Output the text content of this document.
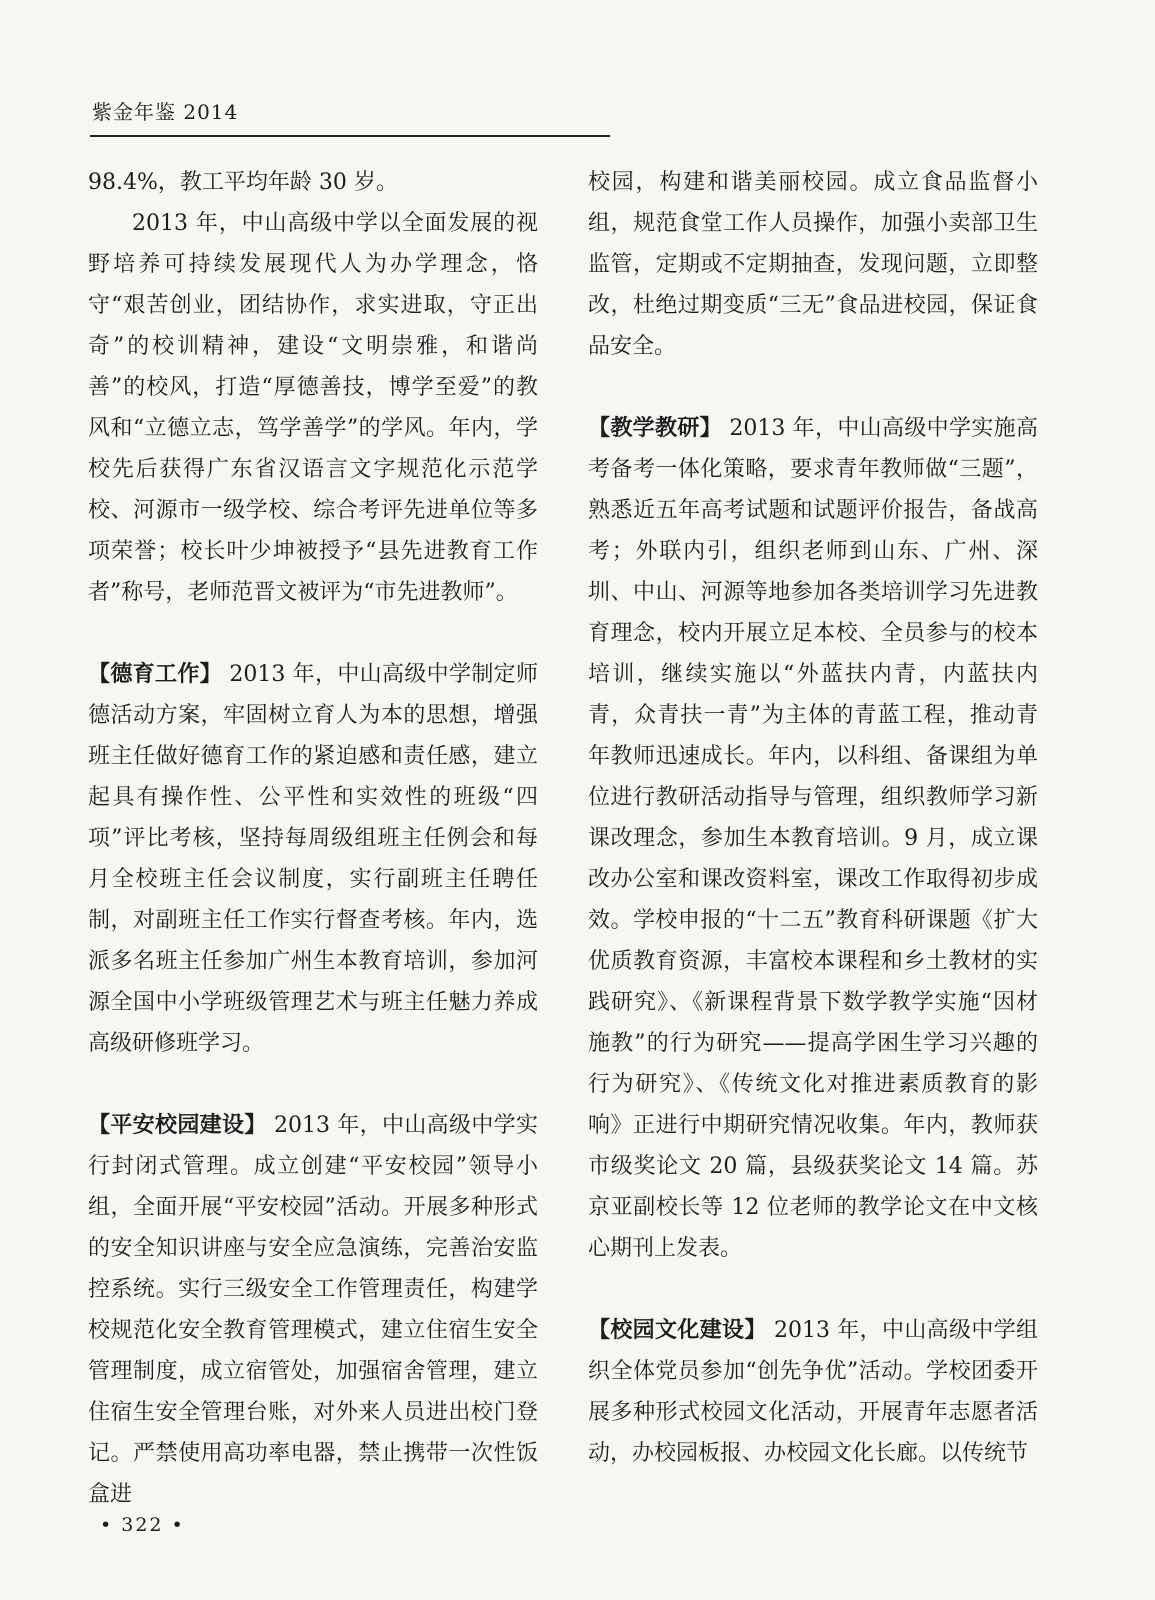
紫金年鉴 2014

98.4%，教工平均年龄 30 岁。

2013 年，中山高级中学以全面发展的视野培养可持续发展现代人为办学理念，恪守“艰苦创业，团结协作，求实进取，守正出奇”的校训精神，建设“文明崇雅，和谐尚善”的校风，打造“厚德善技，博学至爱”的教风和“立德立志，笃学善学”的学风。年内，学校先后获得广东省汉语言文字规范化示范学校、河源市一级学校、综合考评先进单位等多项荣誉；校长叶少坤被授予“县先进教育工作者”称号，老师范晋文被评为“市先进教师”。

【德育工作】 2013 年，中山高级中学制定师德活动方案，牢固树立育人为本的思想，增强班主任做好德育工作的紧迫感和责任感，建立起具有操作性、公平性和实效性的班级“四项”评比考核，坚持每周级组班主任例会和每月全校班主任会议制度，实行副班主任聘任制，对副班主任工作实行督查考核。年内，选派多名班主任参加广州生本教育培训，参加河源全国中小学班级管理艺术与班主任魅力养成高级研修班学习。

【平安校园建设】 2013 年，中山高级中学实行封闭式管理。成立创建“平安校园”领导小组，全面开展“平安校园”活动。开展多种形式的安全知识讲座与安全应急演练，完善治安监控系统。实行三级安全工作管理责任，构建学校规范化安全教育管理模式，建立住宿生安全管理制度，成立宿管处，加强宿舍管理，建立住宿生安全管理台账，对外来人员进出校门登记。严禁使用高功率电器，禁止携带一次性饭盒进

校园，构建和谐美丽校园。成立食品监督小组，规范食堂工作人员操作，加强小卖部卫生监管，定期或不定期抽查，发现问题，立即整改，杜绝过期变质“三无”食品进校园，保证食品安全。

【教学教研】 2013 年，中山高级中学实施高考备考一体化策略，要求青年教师做“三题”，熟悉近五年高考试题和试题评价报告，备战高考；外联内引，组织老师到山东、广州、深圳、中山、河源等地参加各类培训学习先进教育理念，校内开展立足本校、全员参与的校本培训，继续实施以“外蓝扶内青，内蓝扶内青，众青扶一青”为主体的青蓝工程，推动青年教师迅速成长。年内，以科组、备课组为单位进行教研活动指导与管理，组织教师学习新课改理念，参加生本教育培训。9 月，成立课改办公室和课改资料室，课改工作取得初步成效。学校申报的“十二五”教育科研课题《扩大优质教育资源，丰富校本课程和乡土教材的实践研究》、《新课程背景下数学教学实施“因材施教”的行为研究——提高学困生学习兴趣的行为研究》、《传统文化对推进素质教育的影响》正进行中期研究情况收集。年内，教师获市级奖论文 20 篇，县级获奖论文 14 篇。苏京亚副校长等 12 位老师的教学论文在中文核心期刊上发表。

【校园文化建设】 2013 年，中山高级中学组织全体党员参加“创先争优”活动。学校团委开展多种形式校园文化活动，开展青年志愿者活动，办校园板报、办校园文化长廊。以传统节

• 322 •
